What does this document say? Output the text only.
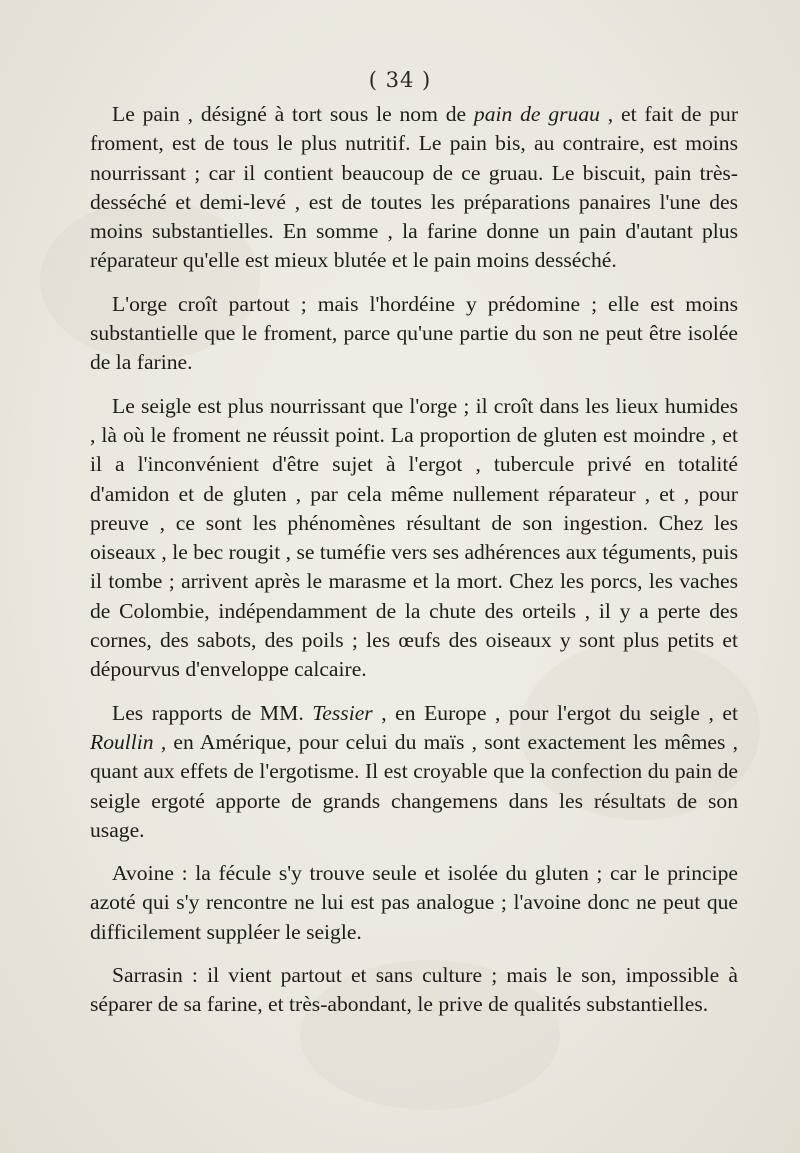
( 34 )

Le pain , désigné à tort sous le nom de pain de gruau , et fait de pur froment, est de tous le plus nutritif. Le pain bis, au contraire, est moins nourrissant ; car il contient beaucoup de ce gruau. Le biscuit, pain très-desséché et demi-levé , est de toutes les préparations panaires l'une des moins substantielles. En somme , la farine donne un pain d'autant plus réparateur qu'elle est mieux blutée et le pain moins desséché.

L'orge croît partout ; mais l'hordéine y prédomine ; elle est moins substantielle que le froment, parce qu'une partie du son ne peut être isolée de la farine.

Le seigle est plus nourrissant que l'orge ; il croît dans les lieux humides , là où le froment ne réussit point. La proportion de gluten est moindre , et il a l'inconvénient d'être sujet à l'ergot , tubercule privé en totalité d'amidon et de gluten , par cela même nullement réparateur , et , pour preuve , ce sont les phénomènes résultant de son ingestion. Chez les oiseaux , le bec rougit , se tuméfie vers ses adhérences aux téguments, puis il tombe ; arrivent après le marasme et la mort. Chez les porcs, les vaches de Colombie, indépendamment de la chute des orteils , il y a perte des cornes, des sabots, des poils ; les œufs des oiseaux y sont plus petits et dépourvus d'enveloppe calcaire.

Les rapports de MM. Tessier , en Europe , pour l'ergot du seigle , et Roullin , en Amérique, pour celui du maïs , sont exactement les mêmes , quant aux effets de l'ergotisme. Il est croyable que la confection du pain de seigle ergoté apporte de grands changemens dans les résultats de son usage.

Avoine : la fécule s'y trouve seule et isolée du gluten ; car le principe azoté qui s'y rencontre ne lui est pas analogue ; l'avoine donc ne peut que difficilement suppléer le seigle.

Sarrasin : il vient partout et sans culture ; mais le son, impossible à séparer de sa farine, et très-abondant, le prive de qualités substantielles.
